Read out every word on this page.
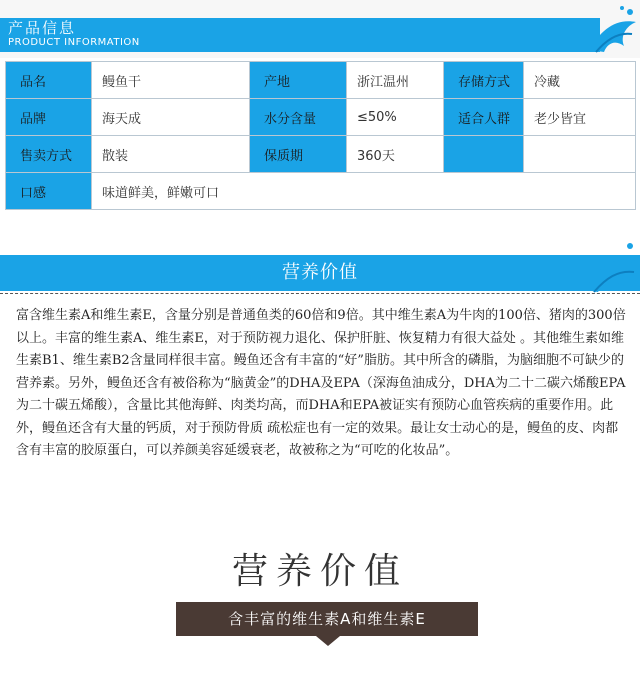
产品信息
PRODUCT INFORMATION
品名	鳗鱼干	产地	浙江温州	存储方式	冷藏
品牌	海天成	水分含量	≤50%	适合人群	老少皆宜
售卖方式	散装	保质期	360天		
口感	味道鲜美，鲜嫩可口				
营养价值

富含维生素A和维生素E，含量分别是普通鱼类的60倍和9倍。其中维生素A为牛肉的100倍、猪肉的300倍以上。丰富的维生素A、维生素E，对于预防视力退化、保护肝脏、恢复精力有很大益处 。其他维生素如维生素B1、维生素B2含量同样很丰富。鳗鱼还含有丰富的“好”脂肪。其中所含的磷脂，为脑细胞不可缺少的营养素。另外，鳗鱼还含有被俗称为“脑黄金”的DHA及EPA（深海鱼油成分，DHA为二十二碳六烯酸EPA为二十碳五烯酸），含量比其他海鲜、肉类均高，而DHA和EPA被证实有预防心血管疾病的重要作用。此外，鳗鱼还含有大量的钙质，对于预防骨质 疏松症也有一定的效果。最让女士动心的是，鳗鱼的皮、肉都含有丰富的胶原蛋白，可以养颜美容延缓衰老，故被称之为“可吃的化妆品”。

营养价值
含丰富的维生素A和维生素E
